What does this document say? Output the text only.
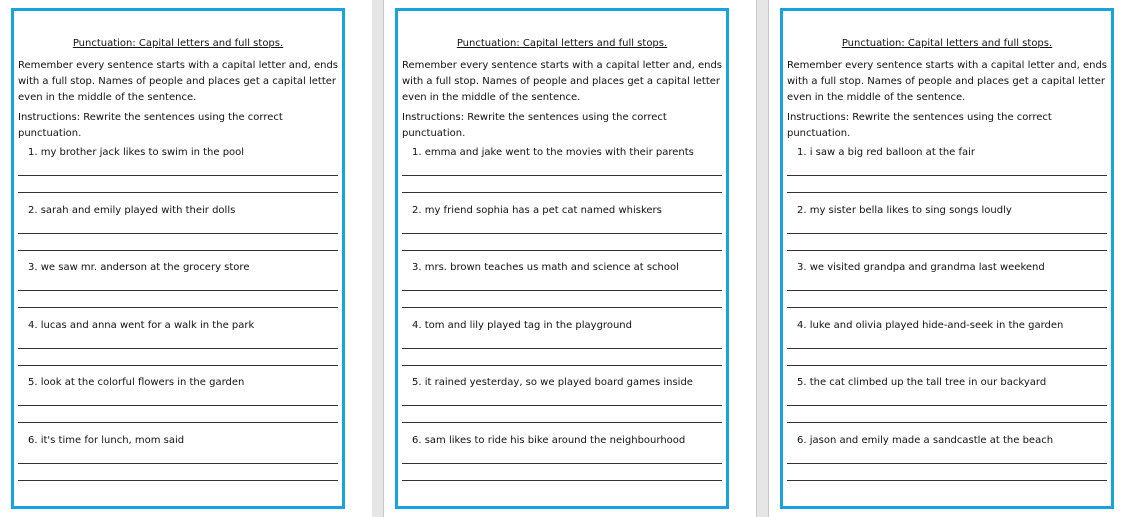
Punctuation: Capital letters and full stops.

Remember every sentence starts with a capital letter and, ends with a full stop. Names of people and places get a capital letter even in the middle of the sentence.

Instructions: Rewrite the sentences using the correct punctuation.

1. my brother jack likes to swim in the pool
2. sarah and emily played with their dolls
3. we saw mr. anderson at the grocery store
4. lucas and anna went for a walk in the park
5. look at the colorful flowers in the garden
6. it's time for lunch, mom said
Punctuation: Capital letters and full stops.

Remember every sentence starts with a capital letter and, ends with a full stop. Names of people and places get a capital letter even in the middle of the sentence.

Instructions: Rewrite the sentences using the correct punctuation.

1. emma and jake went to the movies with their parents
2. my friend sophia has a pet cat named whiskers
3. mrs. brown teaches us math and science at school
4. tom and lily played tag in the playground
5. it rained yesterday, so we played board games inside
6. sam likes to ride his bike around the neighbourhood
Punctuation: Capital letters and full stops.

Remember every sentence starts with a capital letter and, ends with a full stop. Names of people and places get a capital letter even in the middle of the sentence.

Instructions: Rewrite the sentences using the correct punctuation.

1. i saw a big red balloon at the fair
2. my sister bella likes to sing songs loudly
3. we visited grandpa and grandma last weekend
4. luke and olivia played hide-and-seek in the garden
5. the cat climbed up the tall tree in our backyard
6. jason and emily made a sandcastle at the beach
